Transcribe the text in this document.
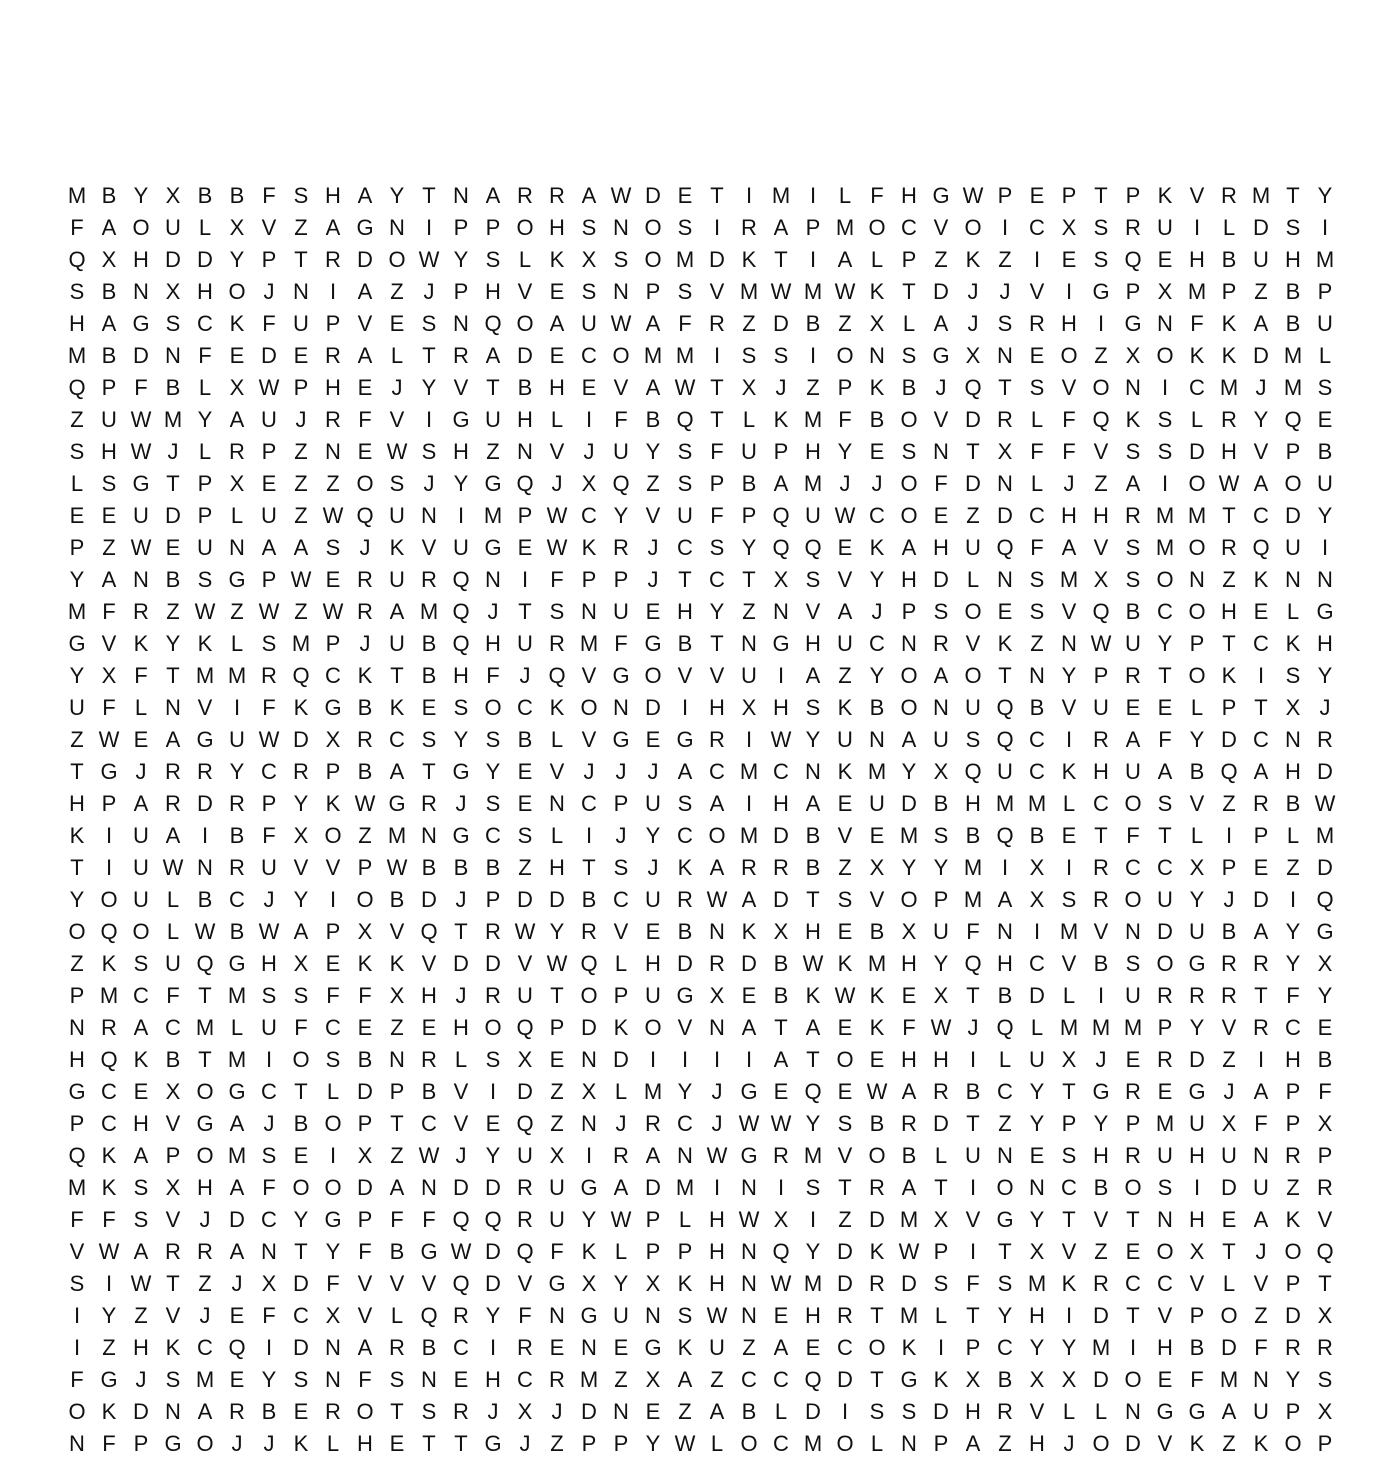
M B Y X B B F S H A Y T N A R R A W D E T	I M I	L F H G W P E P T P K V R M T Y
F A O U L X V Z A G N I P P O H S N O S I R A P M O C V O I C X S R U I	L D S I
Q X H D D Y P T R D O W Y S L K X S O M D K T	I A L P Z K Z	I E S Q E H B U H M
S B N X H O J N I A Z J P H V E S N P S V M W M W K T D J J V I G P X M P Z B P
H A G S C K F U P V E S N Q O A U W A F R Z D B Z X L A J S R H I G N F K A B U
M B D N F E D E R A L T R A D E C O M M I S S I O N S G X N E O Z X O K K D M L
Q P F B L X W P H E J Y V T B H E V A W T X J Z P K B J Q T S V O N I C M J M S
Z U W M Y A U J R F V I G U H L	I	F B Q T L K M F B O V D R L F Q K S L R Y Q E
S H W J L R P Z N E W S H Z N V J U Y S F U P H Y E S N T X F F V S S D H V P B
L S G T P X E Z Z O S J Y G Q J X Q Z S P B A M J J O F D N L J Z A I O W A O U
E E U D P L U Z W Q U N I M P W C Y V U F P Q U W C O E Z D C H H R M M T C D Y
P Z W E U N A A S J K V U G E W K R J C S Y Q Q E K A H U Q F A V S M O R Q U I
Y A N B S G P W E R U R Q N I	F P P J T C T X S V Y H D L N S M X S O N Z K N N
M F R Z W Z W Z W R A M Q J T S N U E H Y Z N V A J P S O E S V Q B C O H E L G
G V K Y K L S M P J U B Q H U R M F G B T N G H U C N R V K Z N W U Y P T C K H
Y X F T M M R Q C K T B H F J Q V G O V V U I A Z Y O A O T N Y P R T O K I S Y
U F L N V I	F K G B K E S O C K O N D I H X H S K B O N U Q B V U E E L P T X J
Z W E A G U W D X R C S Y S B L V G E G R I W Y U N A U S Q C I R A F Y D C N R
T G J R R Y C R P B A T G Y E V J J J A C M C N K M Y X Q U C K H U A B Q A H D
H P A R D R P Y K W G R J S E N C P U S A I H A E U D B H M M L C O S V Z R B W
K I U A I B F X O Z M N G C S L	I	J Y C O M D B V E M S B Q B E T F T L	I P L M
T	I U W N R U V V P W B B B Z H T S J K A R R B Z X Y Y M I X I R C C X P E Z D
Y O U L B C J Y I O B D J P D D B C U R W A D T S V O P M A X S R O U Y J D I Q
O Q O L W B W A P X V Q T R W Y R V E B N K X H E B X U F N I M V N D U B A Y G
Z K S U Q G H X E K K V D D V W Q L H D R D B W K M H Y Q H C V B S O G R R Y X
P M C F T M S S F F X H J R U T O P U G X E B K W K E X T B D L	I U R R R T F Y
N R A C M L U F C E Z E H O Q P D K O V N A T A E K F W J Q L M M M P Y V R C E
H Q K B T M I O S B N R L S X E N D I	I	I	I A T O E H H I	L U X J E R D Z	I H B
G C E X O G C T L D P B V I D Z X L M Y J G E Q E W A R B C Y T G R E G J A P F
P C H V G A J B O P T C V E Q Z N J R C J W W Y S B R D T Z Y P Y P M U X F P X
Q K A P O M S E I X Z W J Y U X I R A N W G R M V O B L U N E S H R U H U N R P
M K S X H A F O O D A N D D R U G A D M I N I S T R A T	I O N C B O S I D U Z R
F F S V J D C Y G P F F Q Q R U Y W P L H W X I	Z D M X V G Y T V T N H E A K V
V W A R R A N T Y F B G W D Q F K L P P H N Q Y D K W P I	T X V Z E O X T J O Q
S I W T Z J X D F V V V Q D V G X Y X K H N W M D R D S F S M K R C C V L V P T
I Y Z V J E F C X V L Q R Y F N G U N S W N E H R T M L T Y H I D T V P O Z D X
I	Z H K C Q I D N A R B C I R E N E G K U Z A E C O K I P C Y Y M I H B D F R R
F G J S M E Y S N F S N E H C R M Z X A Z C C Q D T G K X B X X D O E F M N Y S
O K D N A R B E R O T S R J X J D N E Z A B L D I S S D H R V L L N G G A U P X
N F P G O J J K L H E T T G J Z P P Y W L O C M O L N P A Z H J O D V K Z K O P
